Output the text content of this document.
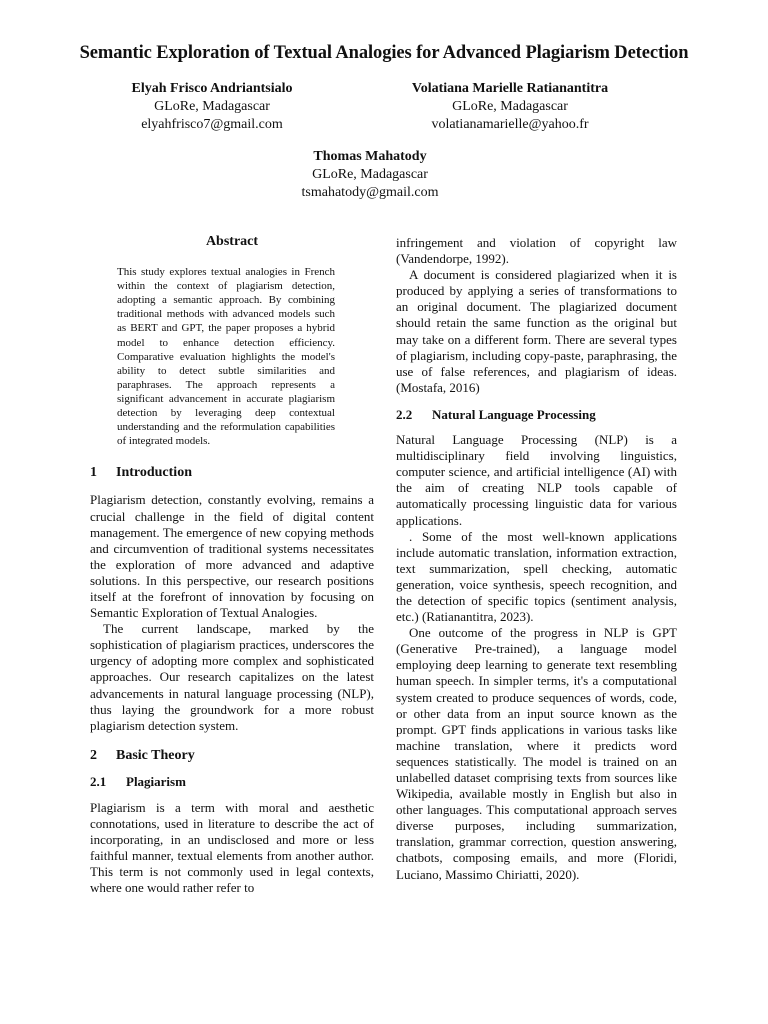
Semantic Exploration of Textual Analogies for Advanced Plagiarism Detection
Elyah Frisco Andriantsialo
GLoRe, Madagascar
elyahfrisco7@gmail.com
Volatiana Marielle Ratianantitra
GLoRe, Madagascar
volatianamarielle@yahoo.fr
Thomas Mahatody
GLoRe, Madagascar
tsmahatody@gmail.com
Abstract
This study explores textual analogies in French within the context of plagiarism detection, adopting a semantic approach. By combining traditional methods with advanced models such as BERT and GPT, the paper proposes a hybrid model to enhance detection efficiency. Comparative evaluation highlights the model's ability to detect subtle similarities and paraphrases. The approach represents a significant advancement in accurate plagiarism detection by leveraging deep contextual understanding and the reformulation capabilities of integrated models.
1 Introduction

Plagiarism detection, constantly evolving, remains a crucial challenge in the field of digital content management. The emergence of new copying methods and circumvention of traditional systems necessitates the exploration of more advanced and adaptive solutions. In this perspective, our research positions itself at the forefront of innovation by focusing on Semantic Exploration of Textual Analogies.

The current landscape, marked by the sophistication of plagiarism practices, underscores the urgency of adopting more complex and sophisticated approaches. Our research capitalizes on the latest advancements in natural language processing (NLP), thus laying the groundwork for a more robust plagiarism detection system.

2 Basic Theory
2.1 Plagiarism

Plagiarism is a term with moral and aesthetic connotations, used in literature to describe the act of incorporating, in an undisclosed and more or less faithful manner, textual elements from another author. This term is not commonly used in legal contexts, where one would rather refer to

infringement and violation of copyright law (Vandendorpe, 1992).

A document is considered plagiarized when it is produced by applying a series of transformations to an original document. The plagiarized document should retain the same function as the original but may take on a different form. There are several types of plagiarism, including copy-paste, paraphrasing, the use of false references, and plagiarism of ideas. (Mostafa, 2016)

2.2 Natural Language Processing

Natural Language Processing (NLP) is a multidisciplinary field involving linguistics, computer science, and artificial intelligence (AI) with the aim of creating NLP tools capable of automatically processing linguistic data for various applications.

. Some of the most well-known applications include automatic translation, information extraction, text summarization, spell checking, automatic generation, voice synthesis, speech recognition, and the detection of specific topics (sentiment analysis, etc.) (Ratianantitra, 2023).

One outcome of the progress in NLP is GPT (Generative Pre-trained), a language model employing deep learning to generate text resembling human speech. In simpler terms, it's a computational system created to produce sequences of words, code, or other data from an input source known as the prompt. GPT finds applications in various tasks like machine translation, where it predicts word sequences statistically. The model is trained on an unlabelled dataset comprising texts from sources like Wikipedia, available mostly in English but also in other languages. This computational approach serves diverse purposes, including summarization, translation, grammar correction, question answering, chatbots, composing emails, and more (Floridi, Luciano, Massimo Chiriatti, 2020).
